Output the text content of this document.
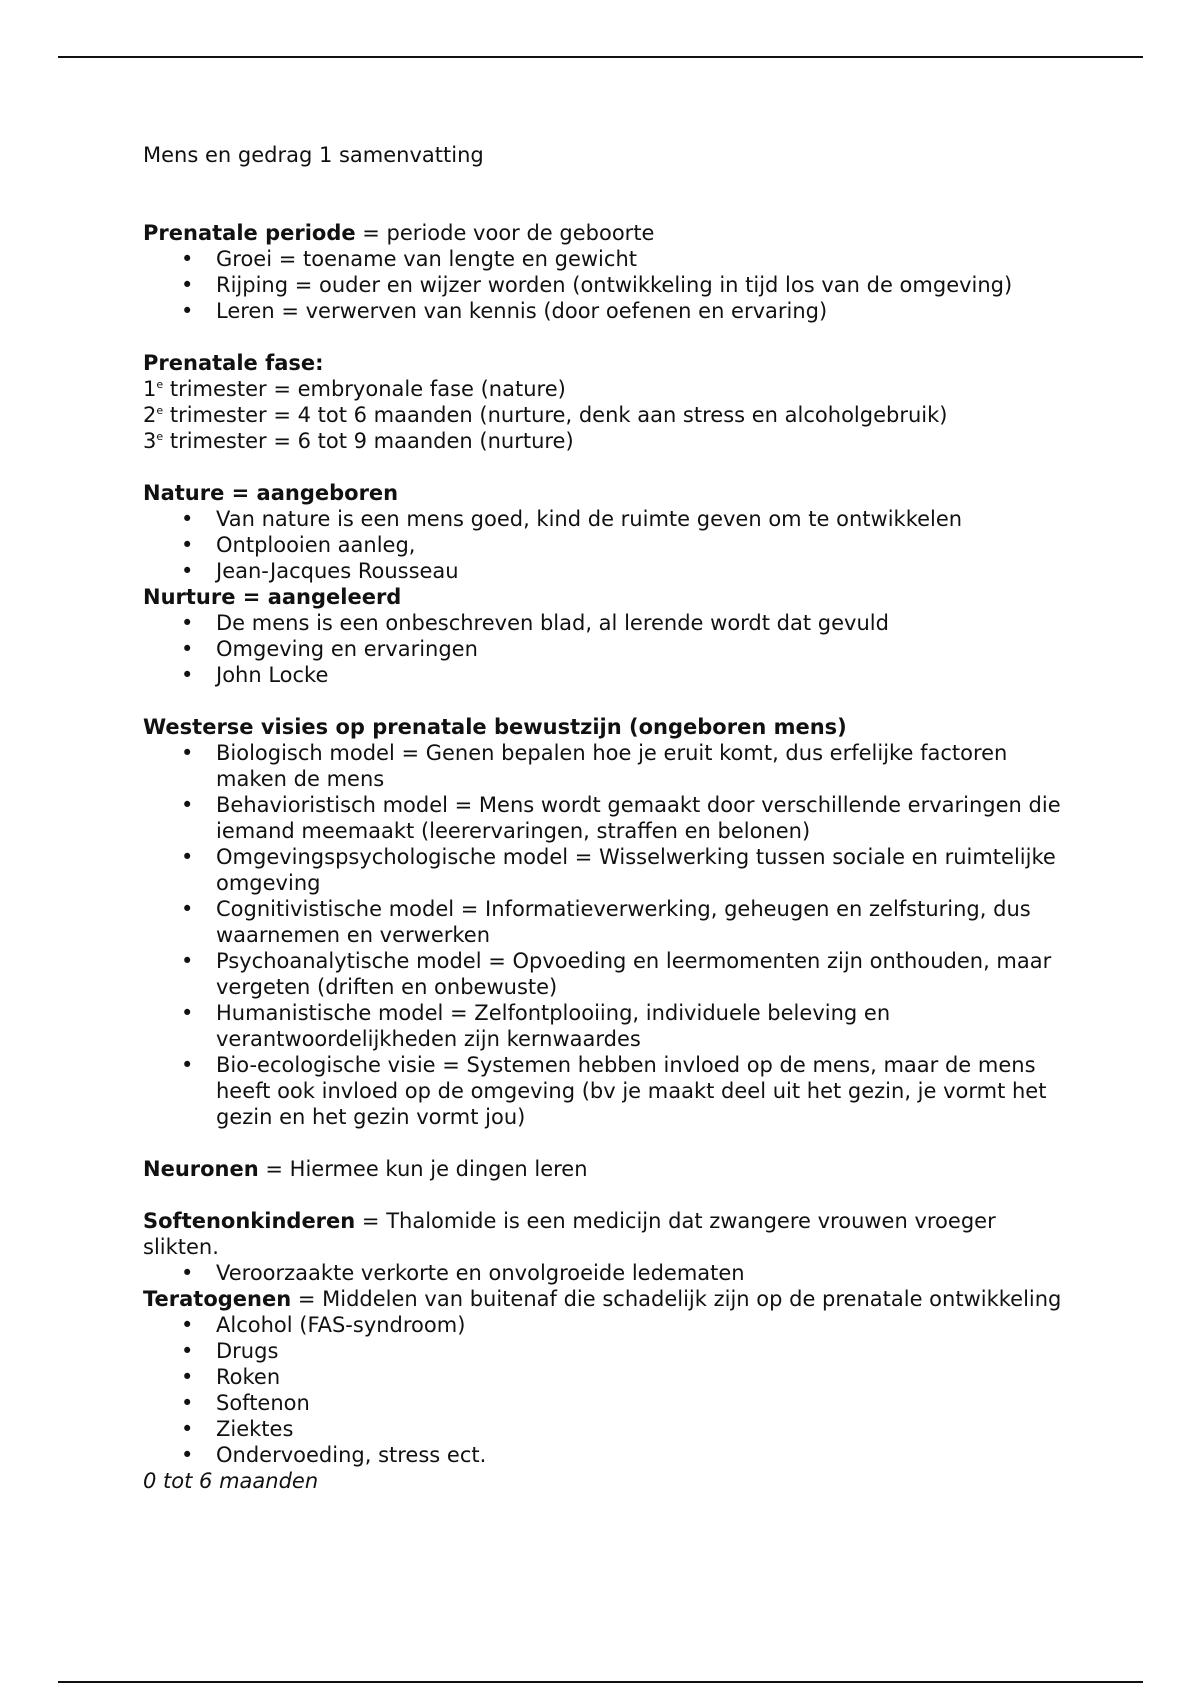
Mens en gedrag 1 samenvatting

Prenatale periode = periode voor de geboorte

• Groei = toename van lengte en gewicht
• Rijping = ouder en wijzer worden (ontwikkeling in tijd los van de omgeving)
• Leren = verwerven van kennis (door oefenen en ervaring)

Prenatale fase:

1e trimester = embryonale fase (nature)

2e trimester = 4 tot 6 maanden (nurture, denk aan stress en alcoholgebruik)

3e trimester = 6 tot 9 maanden (nurture)

Nature = aangeboren

• Van nature is een mens goed, kind de ruimte geven om te ontwikkelen
• Ontplooien aanleg,
• Jean-Jacques Rousseau

Nurture = aangeleerd

• De mens is een onbeschreven blad, al lerende wordt dat gevuld
• Omgeving en ervaringen
• John Locke

Westerse visies op prenatale bewustzijn (ongeboren mens)

• Biologisch model = Genen bepalen hoe je eruit komt, dus erfelijke factoren maken de mens
• Behavioristisch model = Mens wordt gemaakt door verschillende ervaringen die iemand meemaakt (leerervaringen, straffen en belonen)
• Omgevingspsychologische model = Wisselwerking tussen sociale en ruimtelijke omgeving
• Cognitivistische model = Informatieverwerking, geheugen en zelfsturing, dus waarnemen en verwerken
• Psychoanalytische model = Opvoeding en leermomenten zijn onthouden, maar vergeten (driften en onbewuste)
• Humanistische model = Zelfontplooiing, individuele beleving en verantwoordelijkheden zijn kernwaardes
• Bio-ecologische visie = Systemen hebben invloed op de mens, maar de mens heeft ook invloed op de omgeving (bv je maakt deel uit het gezin, je vormt het gezin en het gezin vormt jou)

Neuronen = Hiermee kun je dingen leren

Softenonkinderen = Thalomide is een medicijn dat zwangere vrouwen vroeger slikten.

• Veroorzaakte verkorte en onvolgroeide ledematen

Teratogenen = Middelen van buitenaf die schadelijk zijn op de prenatale ontwikkeling

• Alcohol (FAS-syndroom)
• Drugs
• Roken
• Softenon
• Ziektes
• Ondervoeding, stress ect.

0 tot 6 maanden
